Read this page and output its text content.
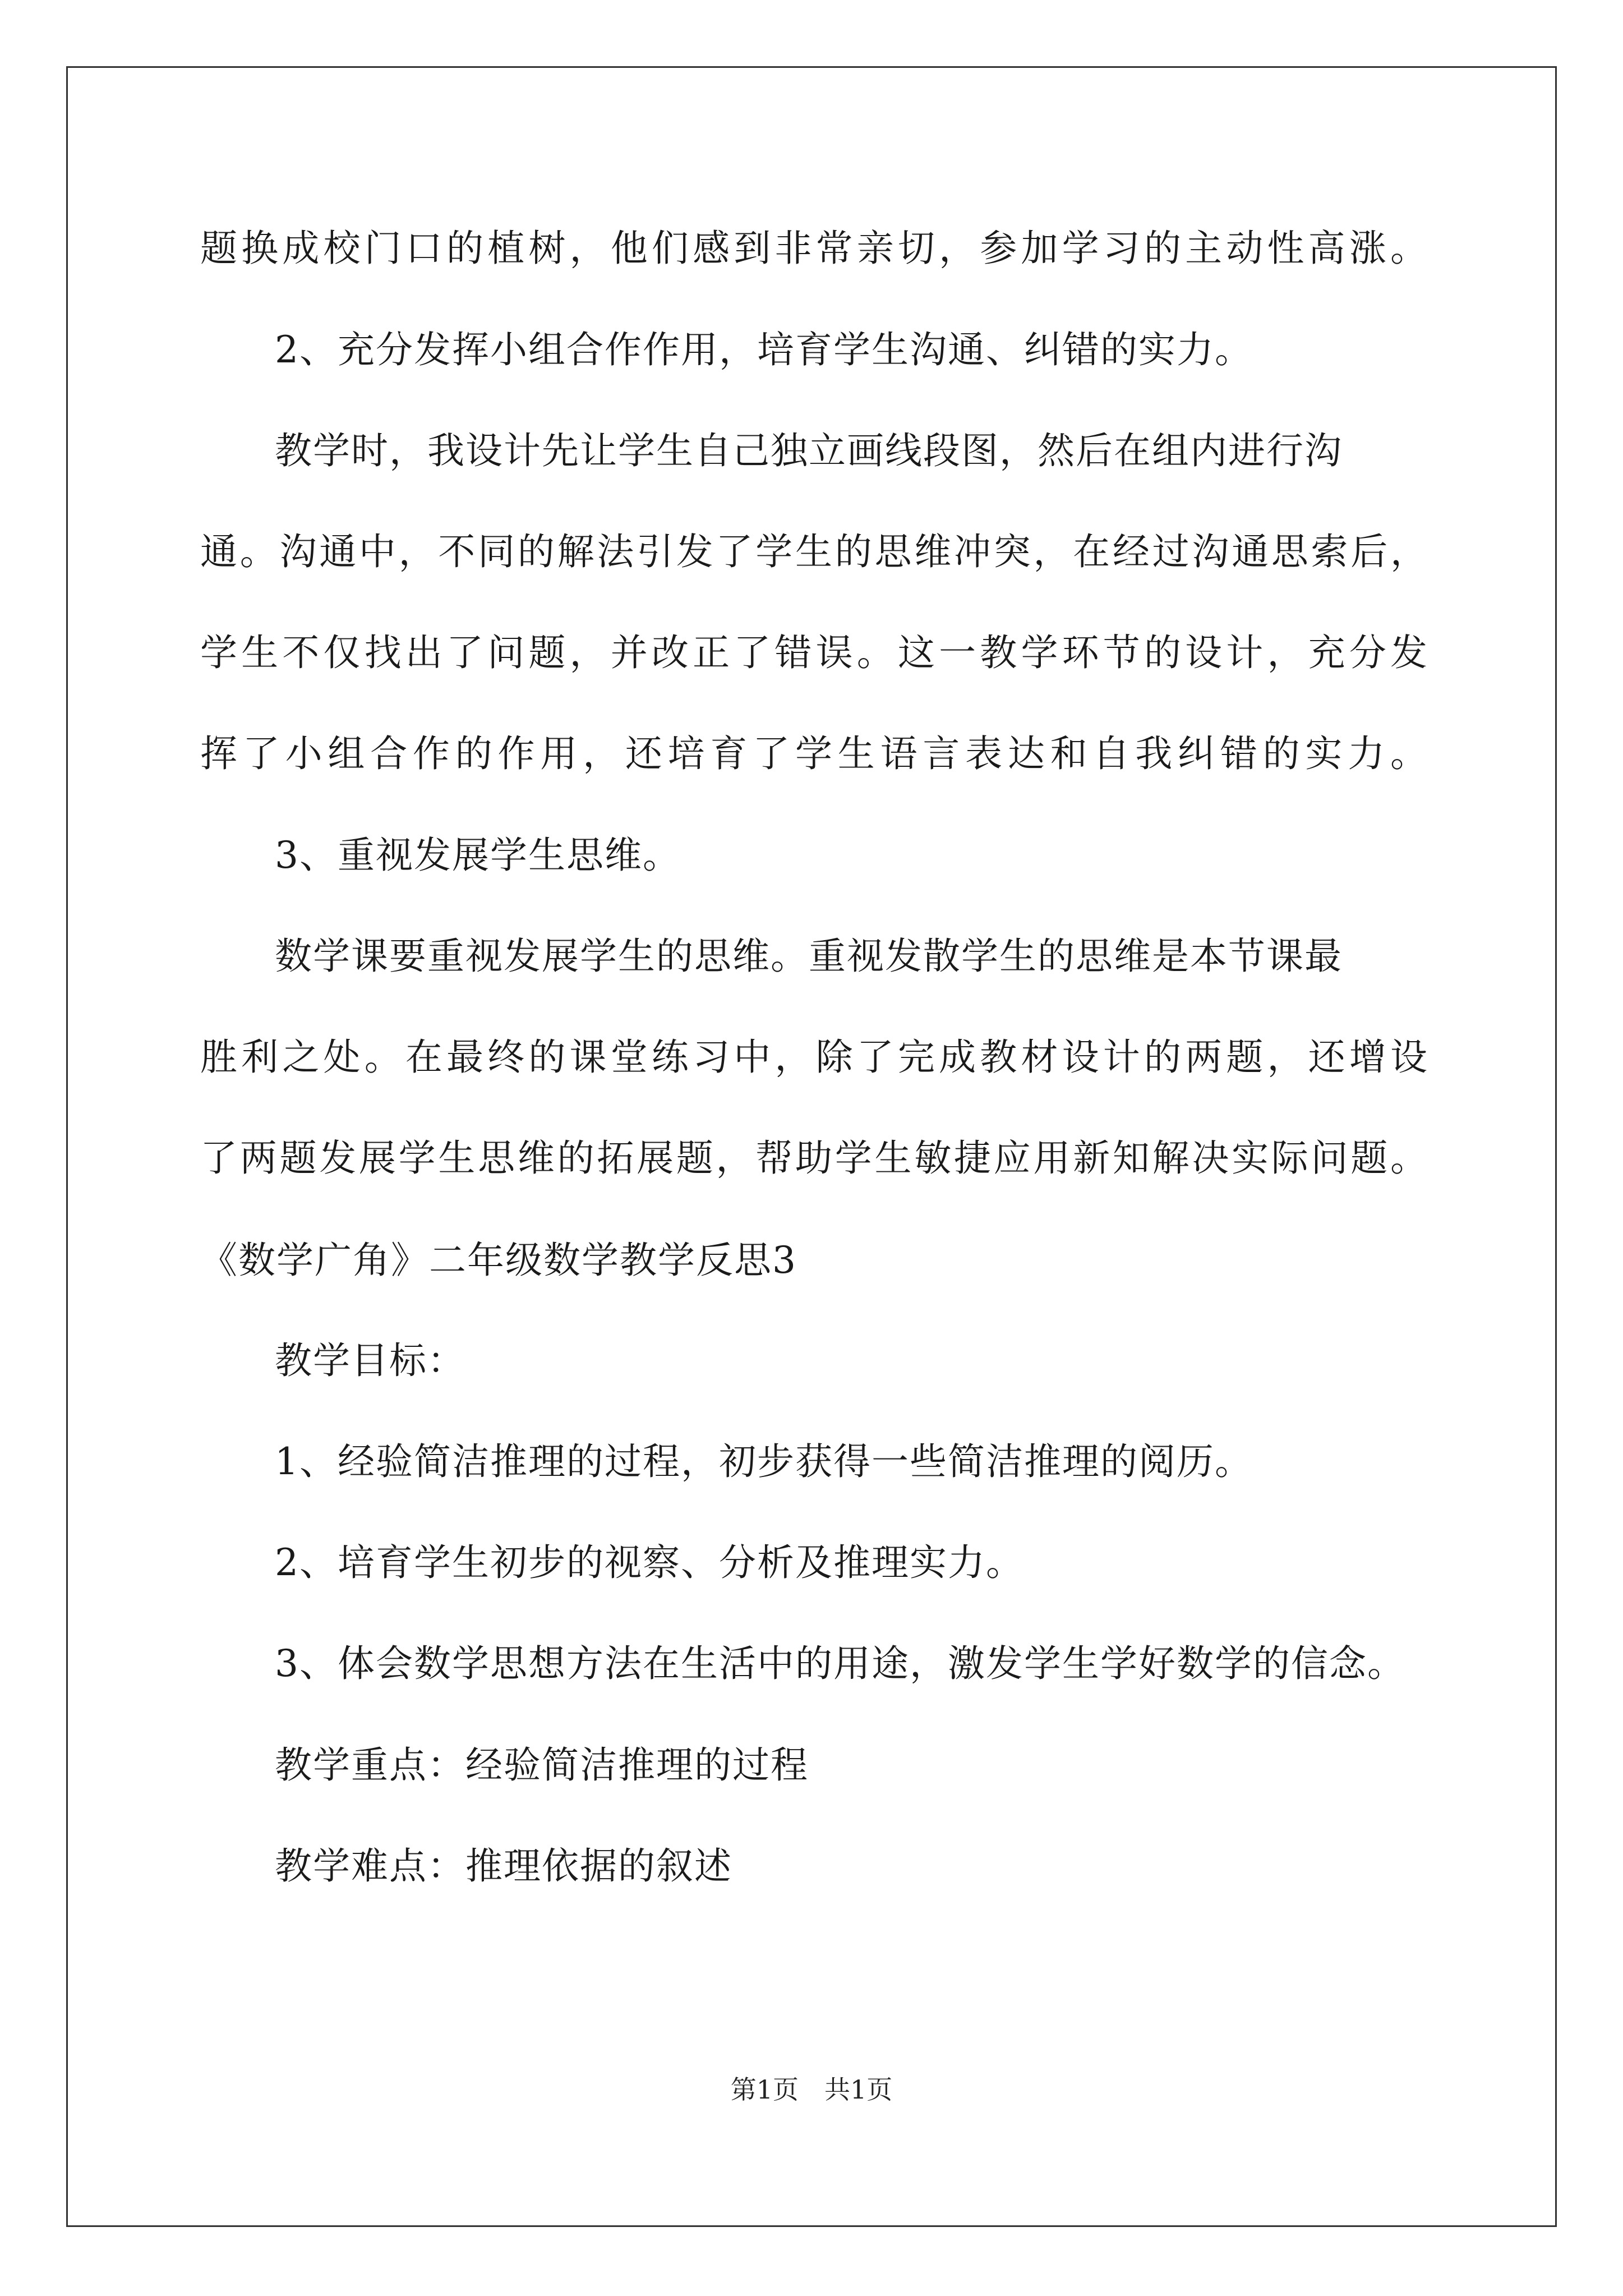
题换成校门口的植树，他们感到非常亲切，参加学习的主动性高涨。
2、充分发挥小组合作作用，培育学生沟通、纠错的实力。
教学时，我设计先让学生自己独立画线段图，然后在组内进行沟
通。沟通中，不同的解法引发了学生的思维冲突，在经过沟通思索后，
学生不仅找出了问题，并改正了错误。这一教学环节的设计，充分发
挥了小组合作的作用，还培育了学生语言表达和自我纠错的实力。
3、重视发展学生思维。
数学课要重视发展学生的思维。重视发散学生的思维是本节课最
胜利之处。在最终的课堂练习中，除了完成教材设计的两题，还增设
了两题发展学生思维的拓展题，帮助学生敏捷应用新知解决实际问题。
《数学广角》二年级数学教学反思3
教学目标：
1、经验简洁推理的过程，初步获得一些简洁推理的阅历。
2、培育学生初步的视察、分析及推理实力。
3、体会数学思想方法在生活中的用途，激发学生学好数学的信念。
教学重点：经验简洁推理的过程
教学难点：推理依据的叙述
第1页　共1页
